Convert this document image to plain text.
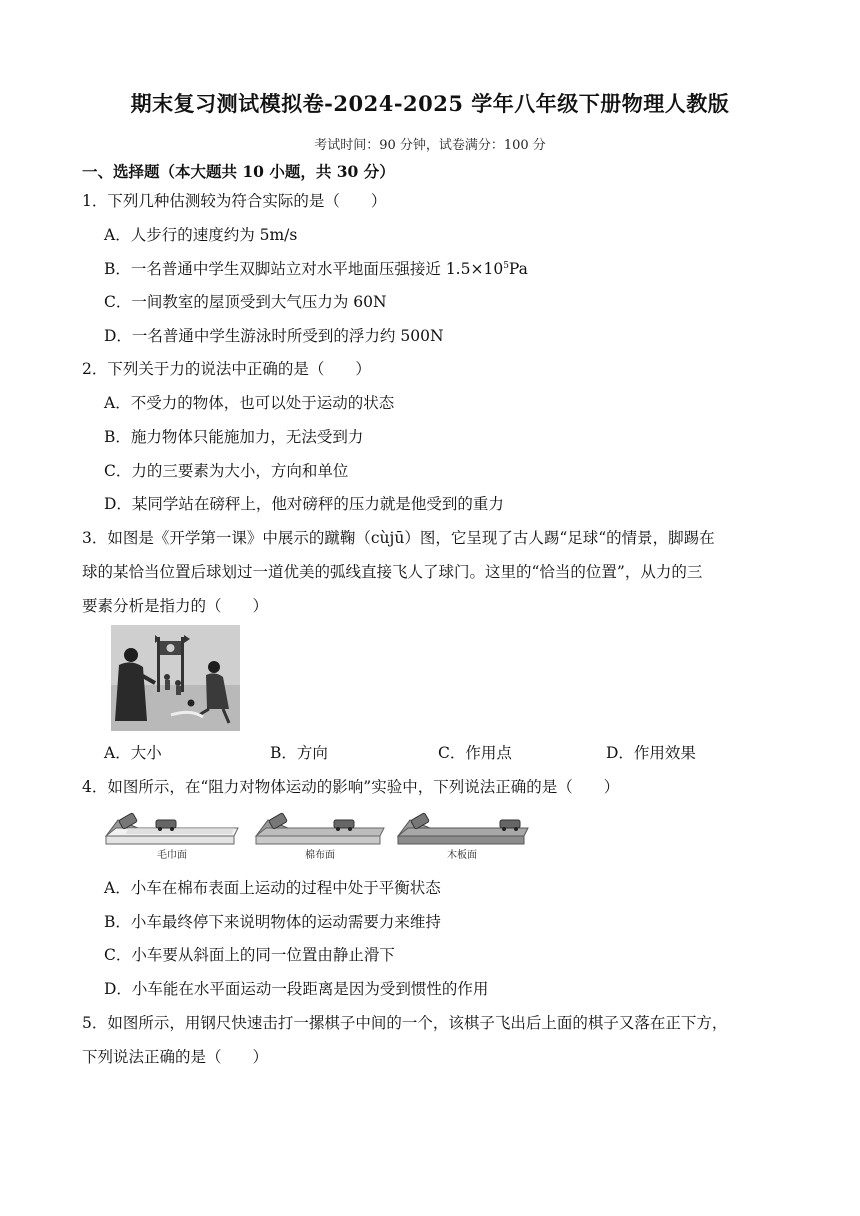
期末复习测试模拟卷-2024-2025 学年八年级下册物理人教版
考试时间：90 分钟，试卷满分：100 分
一、选择题（本大题共 10 小题，共 30 分）
1．下列几种估测较为符合实际的是（　　）
A．人步行的速度约为 5m/s
B．一名普通中学生双脚站立对水平地面压强接近 $1.5\times 10^5Pa$
C．一间教室的屋顶受到大气压力为 60N
D．一名普通中学生游泳时所受到的浮力约 500N
2．下列关于力的说法中正确的是（　　）
A．不受力的物体，也可以处于运动的状态
B．施力物体只能施加力，无法受到力
C．力的三要素为大小，方向和单位
D．某同学站在磅秤上，他对磅秤的压力就是他受到的重力
3．如图是《开学第一课》中展示的蹴鞠（cùjū）图，它呈现了古人踢“足球“的情景，脚踢在
球的某恰当位置后球划过一道优美的弧线直接飞人了球门。这里的“恰当的位置”，从力的三
要素分析是指力的（　　）
A．大小	B．方向	C．作用点	D．作用效果
4．如图所示，在“阻力对物体运动的影响”实验中，下列说法正确的是（　　）
毛巾面	棉布面	木板面
A．小车在棉布表面上运动的过程中处于平衡状态
B．小车最终停下来说明物体的运动需要力来维持
C．小车要从斜面上的同一位置由静止滑下
D．小车能在水平面运动一段距离是因为受到惯性的作用
5．如图所示，用钢尺快速击打一摞棋子中间的一个，该棋子飞出后上面的棋子又落在正下方，
下列说法正确的是（　　）
